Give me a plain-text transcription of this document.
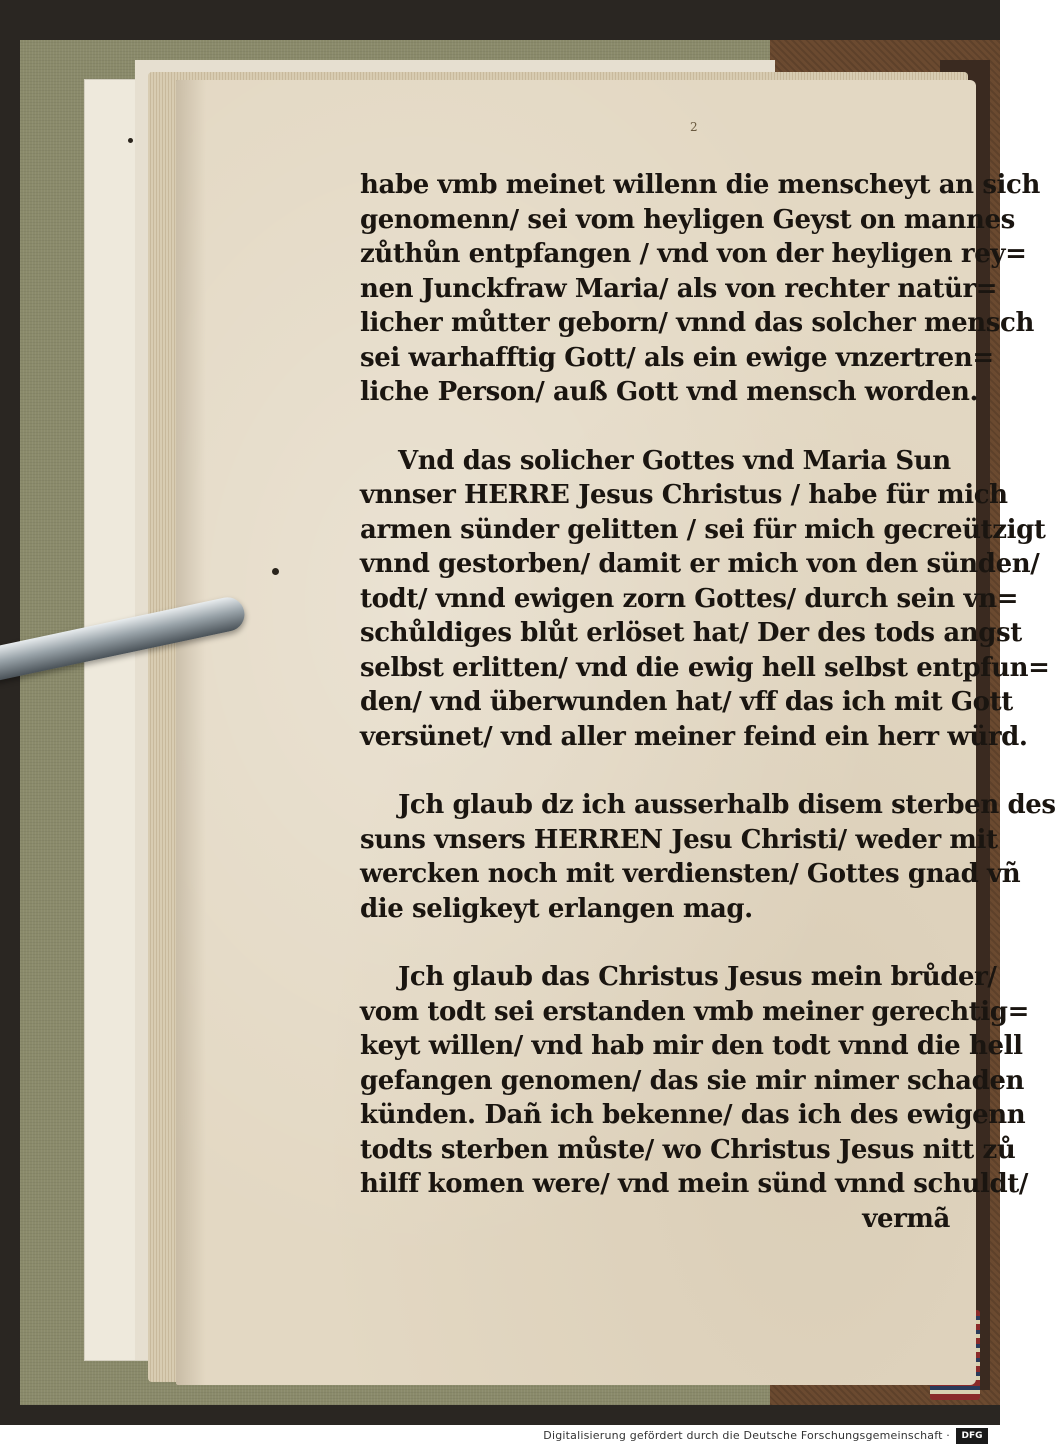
2
habe vmb meinet willenn die menscheyt an sich
genomenn/ sei vom heyligen Geyst on mannes
zůthůn entpfangen / vnd von der heyligen rey=
nen Junckfraw Maria/ als von rechter natür=
licher můtter geborn/ vnnd das solcher mensch
sei warhafftig Gott/ als ein ewige vnzertren=
liche Person/ auß Gott vnd mensch worden.
Vnd das solicher Gottes vnd Maria Sun
vnnser HERRE Jesus Christus / habe für mich
armen sünder gelitten / sei für mich gecreützigt
vnnd gestorben/ damit er mich von den sünden/
todt/ vnnd ewigen zorn Gottes/ durch sein vn=
schůldiges blůt erlöset hat/ Der des tods angst
selbst erlitten/ vnd die ewig hell selbst entpfun=
den/ vnd überwunden hat/ vff das ich mit Gott
versünet/ vnd aller meiner feind ein herr würd.
Jch glaub dz ich ausserhalb disem sterben des
suns vnsers HERREN Jesu Christi/ weder mit
wercken noch mit verdiensten/ Gottes gnad vñ
die seligkeyt erlangen mag.
Jch glaub das Christus Jesus mein brůder/
vom todt sei erstanden vmb meiner gerechtig=
keyt willen/ vnd hab mir den todt vnnd die hell
gefangen genomen/ das sie mir nimer schaden
künden. Dañ ich bekenne/ das ich des ewigenn
todts sterben můste/ wo Christus Jesus nitt zů
hilff komen were/ vnd mein sünd vnnd schuldt/
vermã
Digitalisierung gefördert durch die Deutsche Forschungsgemeinschaft ·	DFG
